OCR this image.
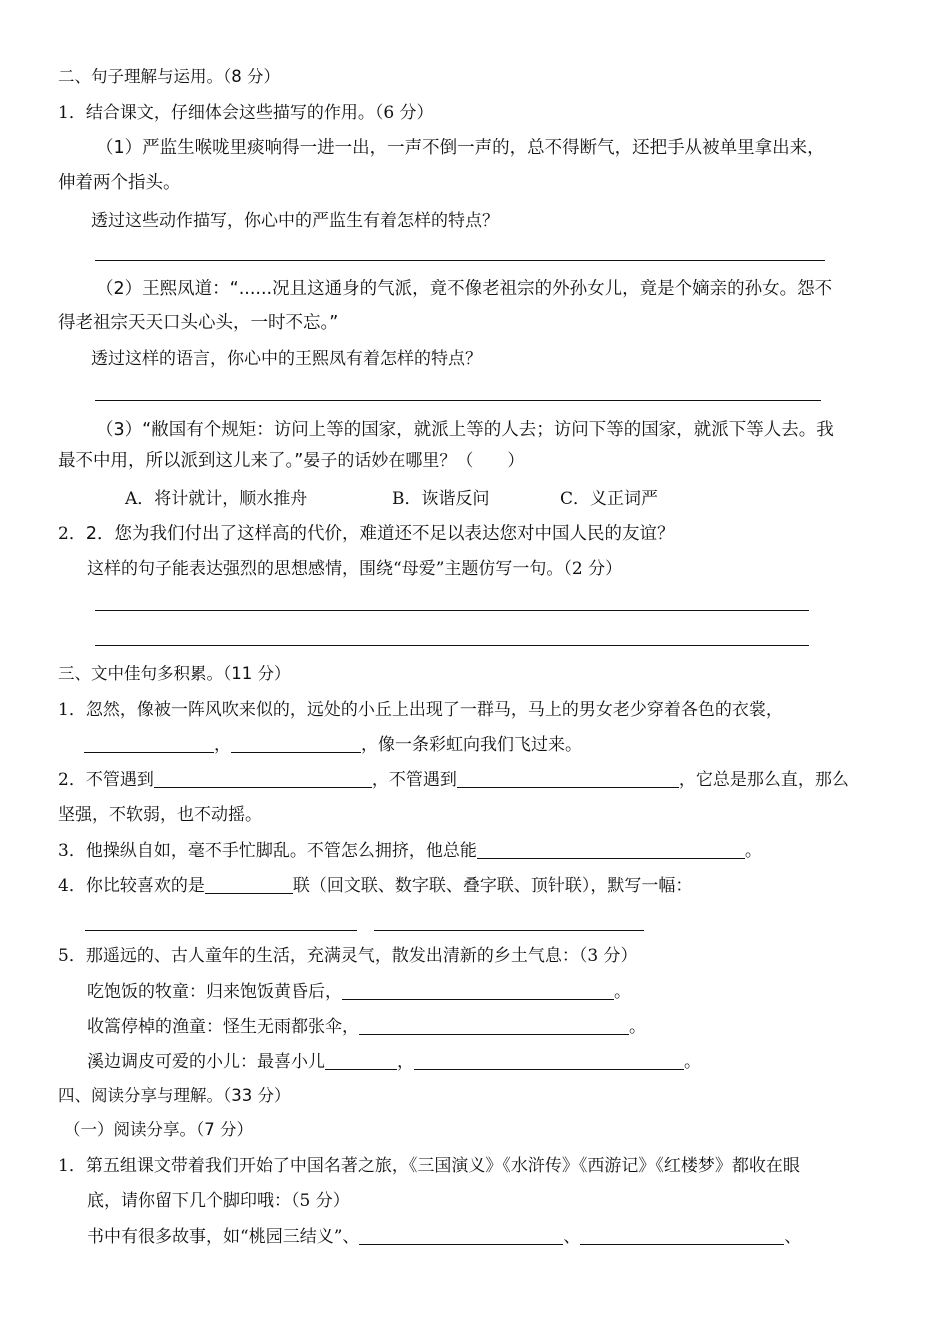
二、句子理解与运用。（8 分）
1．结合课文，仔细体会这些描写的作用。（6 分）
（1）严监生喉咙里痰响得一进一出，一声不倒一声的，总不得断气，还把手从被单里拿出来，
伸着两个指头。
透过这些动作描写，你心中的严监生有着怎样的特点？
（2）王熙凤道：“......况且这通身的气派，竟不像老祖宗的外孙女儿，竟是个嫡亲的孙女。怨不
得老祖宗天天口头心头，一时不忘。”
透过这样的语言，你心中的王熙凤有着怎样的特点？
（3）“敝国有个规矩：访问上等的国家，就派上等的人去；访问下等的国家，就派下等人去。我
最不中用，所以派到这儿来了。”晏子的话妙在哪里？（　　）
A．将计就计，顺水推舟	B．诙谐反问	C．义正词严
2．2．您为我们付出了这样高的代价，难道还不足以表达您对中国人民的友谊？
这样的句子能表达强烈的思想感情，围绕“母爱”主题仿写一句。（2 分）
三、文中佳句多积累。（11 分）
1．忽然，像被一阵风吹来似的，远处的小丘上出现了一群马，马上的男女老少穿着各色的衣裳，
，	，像一条彩虹向我们飞过来。
2．不管遇到	，不管遇到	，它总是那么直，那么
坚强，不软弱，也不动摇。
3．他操纵自如，毫不手忙脚乱。不管怎么拥挤，他总能	。
4．你比较喜欢的是	联（回文联、数字联、叠字联、顶针联），默写一幅：
5．那遥远的、古人童年的生活，充满灵气，散发出清新的乡土气息：（3 分）
吃饱饭的牧童：归来饱饭黄昏后，	。
收篙停棹的渔童：怪生无雨都张伞，	。
溪边调皮可爱的小儿：最喜小儿	，	。
四、阅读分享与理解。（33 分）
（一）阅读分享。（7 分）
1．第五组课文带着我们开始了中国名著之旅，《三国演义》《水浒传》《西游记》《红楼梦》都收在眼
底，请你留下几个脚印哦：（5 分）
书中有很多故事，如“桃园三结义”、	、	、
